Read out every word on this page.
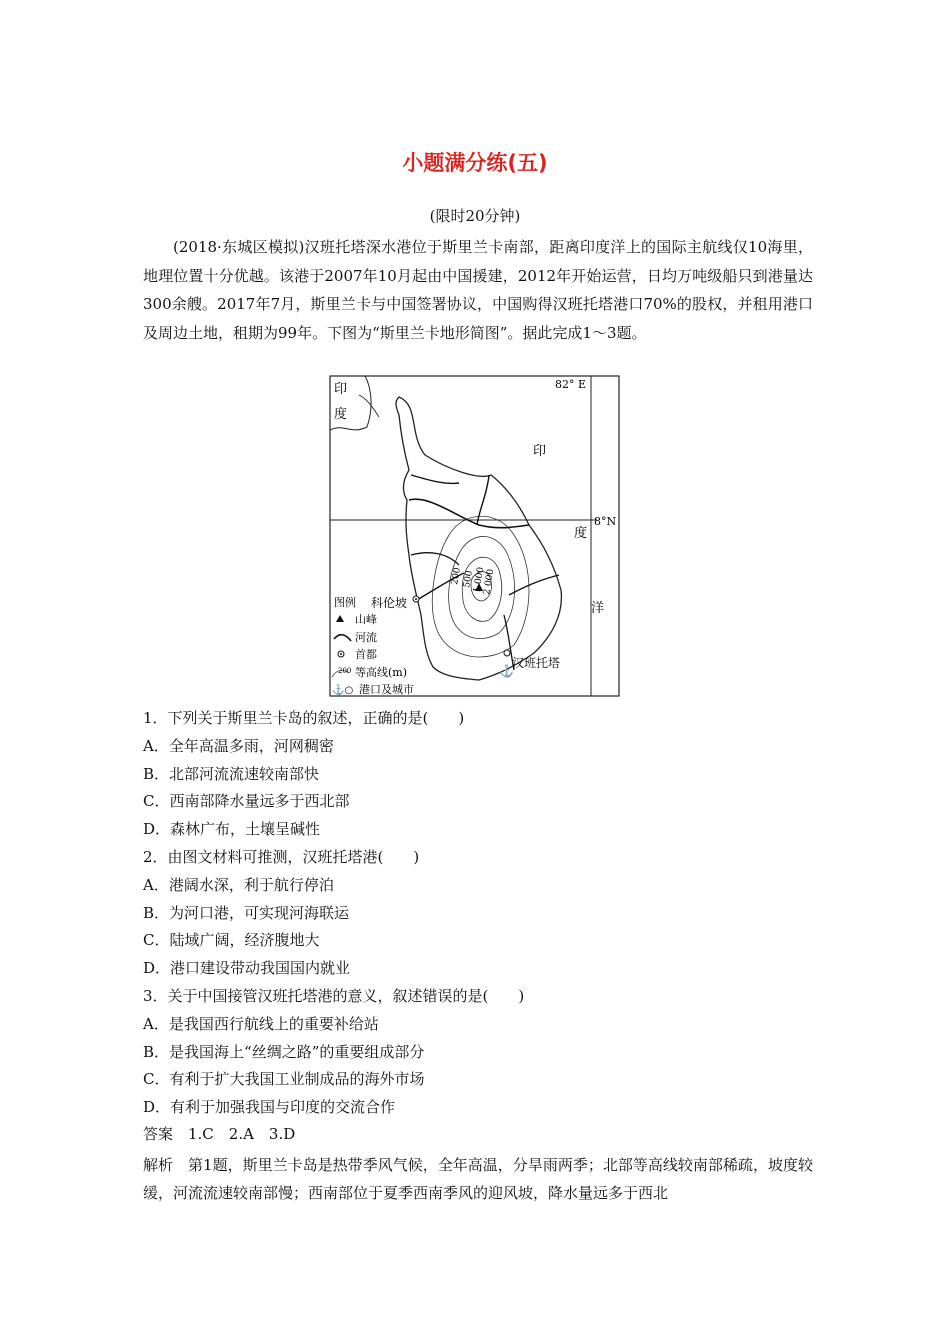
小题满分练(五)
(限时20分钟)

(2018·东城区模拟)汉班托塔深水港位于斯里兰卡南部，距离印度洋上的国际主航线仅10海里，地理位置十分优越。该港于2007年10月起由中国援建，2012年开始运营，日均万吨级船只到港量达300余艘。2017年7月，斯里兰卡与中国签署协议，中国购得汉班托塔港口70%的股权，并租用港口及周边土地，租期为99年。下图为“斯里兰卡地形简图”。据此完成1～3题。

⚓
82° E
8°N
印
度
印
度
洋
科伦坡
汉班托塔
200 500
1 000
2 000
图例
山峰
河流
首都
200 等高线(m)
⚓○ 港口及城市
1．下列关于斯里兰卡岛的叙述，正确的是(　　)
A．全年高温多雨，河网稠密
B．北部河流流速较南部快
C．西南部降水量远多于西北部
D．森林广布，土壤呈碱性
2．由图文材料可推测，汉班托塔港(　　)
A．港阔水深，利于航行停泊
B．为河口港，可实现河海联运
C．陆域广阔，经济腹地大
D．港口建设带动我国国内就业
3．关于中国接管汉班托塔港的意义，叙述错误的是(　　)
A．是我国西行航线上的重要补给站
B．是我国海上“丝绸之路”的重要组成部分
C．有利于扩大我国工业制成品的海外市场
D．有利于加强我国与印度的交流合作
答案　1.C　2.A　3.D

解析　第1题，斯里兰卡岛是热带季风气候，全年高温，分旱雨两季；北部等高线较南部稀疏，坡度较缓，河流流速较南部慢；西南部位于夏季西南季风的迎风坡，降水量远多于西北
